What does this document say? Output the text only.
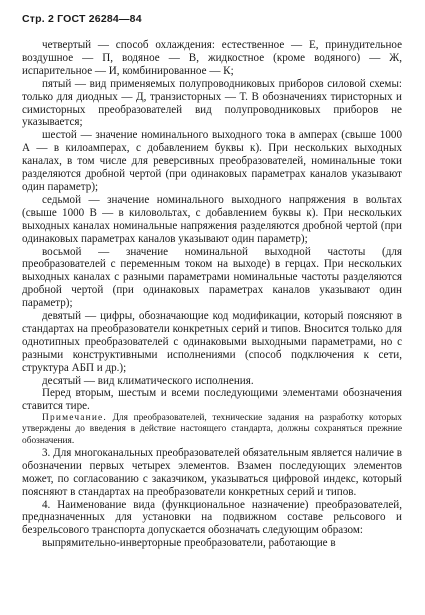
Стр. 2 ГОСТ 26284—84

четвертый — способ охлаждения: естественное — Е, принудительное воздушное — П, водяное — В, жидкостное (кроме водяного) — Ж, испарительное — И, комбинированное — К;

пятый — вид применяемых полупроводниковых приборов силовой схемы: только для диодных — Д, транзисторных — Т. В обозначениях тиристорных и симисторных преобразователей вид полупроводниковых приборов не указывается;

шестой — значение номинального выходного тока в амперах (свыше 1000 А — в килоамперах, с добавлением буквы к). При нескольких выходных каналах, в том числе для реверсивных преобразователей, номинальные токи разделяются дробной чертой (при одинаковых параметрах каналов указывают один параметр);

седьмой — значение номинального выходного напряжения в вольтах (свыше 1000 В — в киловольтах, с добавлением буквы к). При нескольких выходных каналах номинальные напряжения разделяются дробной чертой (при одинаковых параметрах каналов указывают один параметр);

восьмой — значение номинальной выходной частоты (для преобразователей с переменным током на выходе) в герцах. При нескольких выходных каналах с разными параметрами номинальные частоты разделяются дробной чертой (при одинаковых параметрах каналов указывают один параметр);

девятый — цифры, обозначающие код модификации, который поясняют в стандартах на преобразователи конкретных серий и типов. Вносится только для однотипных преобразователей с одинаковыми выходными параметрами, но с разными конструктивными исполнениями (способ подключения к сети, структура АБП и др.);

десятый — вид климатического исполнения.

Перед вторым, шестым и всеми последующими элементами обозначения ставится тире.

Примечание. Для преобразователей, технические задания на разработку которых утверждены до введения в действие настоящего стандарта, должны сохраняться прежние обозначения.

3. Для многоканальных преобразователей обязательным является наличие в обозначении первых четырех элементов. Взамен последующих элементов может, по согласованию с заказчиком, указываться цифровой индекс, который поясняют в стандартах на преобразователи конкретных серий и типов.

4. Наименование вида (функциональное назначение) преобразователей, предназначенных для установки на подвижном составе рельсового и безрельсового транспорта допускается обозначать следующим образом:

выпрямительно-инверторные преобразователи, работающие в
